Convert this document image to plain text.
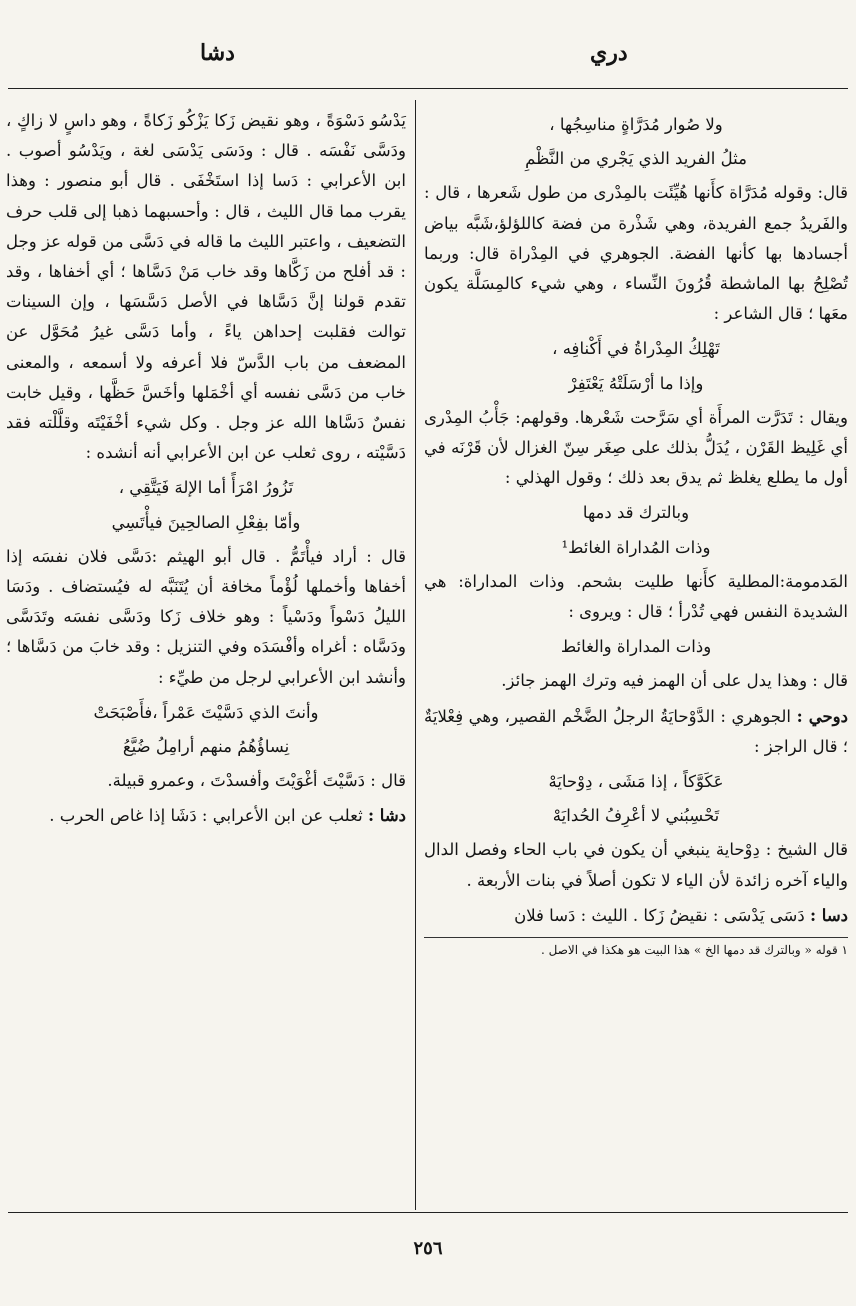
دري
دشا
ولا صُوار مُدَرَّاةٍ مناسِجُها ،
مثلُ الفريد الذي يَجْري من النَّظْمِ

قال: وقوله مُدَرَّاة كأَنها هُيِّئَت بالمِدْرى من طول شَعرها ، قال : والفَريدُ جمع الفريدة، وهي شَذْرة من فضة كاللؤلؤ،شَبَّه بياض أجسادها بها كأنها الفضة. الجوهري في المِدْراة قال: وربما تُصْلِحُ بها الماشطة قُرُونَ النِّساء ، وهي شيء كالمِسَلَّة يكون معَها ؛ قال الشاعر :

تَهْلِكُ المِدْراةُ في أَكْنافِه ،
وإذا ما أرْسَلَتْهُ يَعْتَفِرْ

ويقال : تَدَرَّت المرأَة أي سَرَّحت شَعْرها. وقولهم: جَأْبُ المِدْرى أي غَلِيظ القَرْن ، يُدَلُّ بذلك على صِغَر سِنّ الغزال لأن قَرْنَه في أول ما يطلع يغلظ ثم يدق بعد ذلك ؛ وقول الهذلي :

وبالترك قد دمها
وذات المُداراة الغائط¹

المَدمومة:المطلية كأَنها طليت بشحم. وذات المداراة: هي الشديدة النفس فهي تُدْرأ ؛ قال : ويروى :

وذات المداراة والغائط

قال : وهذا يدل على أن الهمز فيه وترك الهمز جائز.

دوحي : الجوهري : الدَّوْحايَةُ الرجلُ الضَّخْم القصير، وهي فِعْلايَةٌ ؛ قال الراجز :

عَكَوَّكاً ، إذا مَشَى ، دِوْحايَهْ
تَحْسِبُني لا أعْرِفُ الحُدايَهْ

قال الشيخ : دِوْحاية ينبغي أن يكون في باب الحاء وفصل الدال والياء آخره زائدة لأن الياء لا تكون أصلاً في بنات الأربعة .

دسا : دَسَى يَدْسَى : نقيضُ زَكا . الليث : دَسا فلان

١ قوله « وبالترك قد دمها الخ » هذا البيت هو هكذا في الاصل .

يَدْسُو دَسْوَةً ، وهو نقيض زَكا يَزْكُو زَكاةً ، وهو داسٍ لا زاكٍ ، ودَسَّى نَفْسَه . قال : ودَسَى يَدْسَى لغة ، ويَدْسُو أصوب . ابن الأعرابي : دَسا إذا استَخْفَى . قال أبو منصور : وهذا يقرب مما قال الليث ، قال : وأحسبهما ذهبا إلى قلب حرف التضعيف ، واعتبر الليث ما قاله في دَسَّى من قوله عز وجل : قد أفلح من زَكَّاها وقد خاب مَنْ دَسَّاها ؛ أي أخفاها ، وقد تقدم قولنا إنَّ دَسَّاها في الأصل دَسَّسَها ، وإن السينات توالت فقلبت إحداهن ياءً ، وأما دَسَّى غيرُ مُحَوَّل عن المضعف من باب الدَّسّ فلا أعرفه ولا أسمعه ، والمعنى خاب من دَسَّى نفسه أي أخْمَلها وأخَسَّ حَظَّها ، وقيل خابت نفسٌ دَسَّاها الله عز وجل . وكل شيء أخْفَيْتَه وقلَّلْته فقد دَسَّيْته ، روى ثعلب عن ابن الأعرابي أنه أنشده :

تَزُورُ امْرَأً أما الإلهَ فَيَتَّقِي ،
وأمّا بفِعْلِ الصالحِينَ فيأْتَسِي

قال : أراد فيأْتَمُّ . قال أبو الهيثم :دَسَّى فلان نفسَه إذا أخفاها وأخملها لُؤْماً مخافة أن يُتَنَبَّه له فيُستضاف . ودَسَا الليلُ دَسْواً ودَسْياً : وهو خلاف زَكا ودَسَّى نفسَه وتَدَسَّى ودَسَّاه : أغراه وأفْسَدَه وفي التنزيل : وقد خابَ من دَسَّاها ؛ وأنشد ابن الأعرابي لرجل من طيِّء :

وأنتَ الذي دَسَّيْتَ عَمْراً ،فأَصْبَحَتْ
نِساؤُهُمُ منهم أرامِلُ ضُيَّعُ

قال : دَسَّيْتَ أغْوَيْتَ وأفسدْتَ ، وعمرو قبيلة.

دشا : ثعلب عن ابن الأعرابي : دَشَا إذا غاص الحرب .

٢٥٦
